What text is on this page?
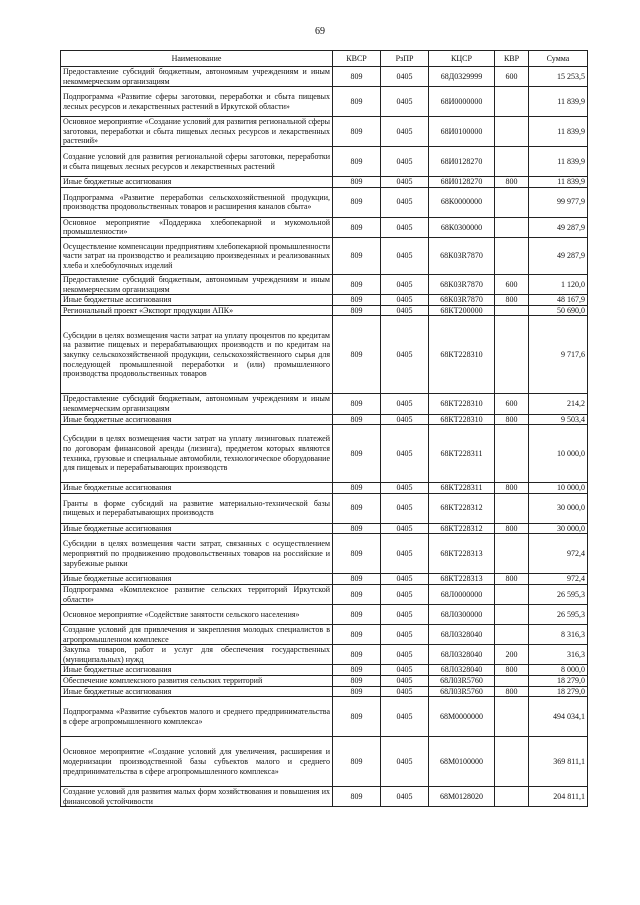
69
Наименование	КВСР	РзПР	КЦСР	КВР	Сумма
Предоставление субсидий бюджетным, автономным учреждениям и иным некоммерческим организациям	809	0405	68Д0329999	600	15 253,5
Подпрограмма «Развитие сферы заготовки, переработки и сбыта пищевых лесных ресурсов и лекарственных растений в Иркутской области»	809	0405	68И0000000		11 839,9
Основное мероприятие «Создание условий для развития региональной сферы заготовки, переработки и сбыта пищевых лесных ресурсов и лекарственных растений»	809	0405	68И0100000		11 839,9
Создание условий для развития региональной сферы заготовки, переработки и сбыта пищевых лесных ресурсов и лекарственных растений	809	0405	68И0128270		11 839,9
Иные бюджетные ассигнования	809	0405	68И0128270	800	11 839,9
Подпрограмма «Развитие переработки сельскохозяйственной продукции, производства продовольственных товаров и расширения каналов сбыта»	809	0405	68К0000000		99 977,9
Основное мероприятие «Поддержка хлебопекарной и мукомольной промышленности»	809	0405	68К0300000		49 287,9
Осуществление компенсации предприятиям хлебопекарной промышленности части затрат на производство и реализацию произведенных и реализованных хлеба и хлебобулочных изделий	809	0405	68К03R7870		49 287,9
Предоставление субсидий бюджетным, автономным учреждениям и иным некоммерческим организациям	809	0405	68К03R7870	600	1 120,0
Иные бюджетные ассигнования	809	0405	68К03R7870	800	48 167,9
Региональный проект «Экспорт продукции АПК»	809	0405	68КТ200000		50 690,0
Субсидии в целях возмещения части затрат на уплату процентов по кредитам на развитие пищевых и перерабатывающих производств и по кредитам на закупку сельскохозяйственной продукции, сельскохозяйственного сырья для последующей промышленной переработки и (или) промышленного производства продовольственных товаров	809	0405	68КТ228310		9 717,6
Предоставление субсидий бюджетным, автономным учреждениям и иным некоммерческим организациям	809	0405	68КТ228310	600	214,2
Иные бюджетные ассигнования	809	0405	68КТ228310	800	9 503,4
Субсидии в целях возмещения части затрат на уплату лизинговых платежей по договорам финансовой аренды (лизинга), предметом которых являются техника, грузовые и специальные автомобили, технологическое оборудование для пищевых и перерабатывающих производств	809	0405	68КТ228311		10 000,0
Иные бюджетные ассигнования	809	0405	68КТ228311	800	10 000,0
Гранты в форме субсидий на развитие материально-технической базы пищевых и перерабатывающих производств	809	0405	68КТ228312		30 000,0
Иные бюджетные ассигнования	809	0405	68КТ228312	800	30 000,0
Субсидии в целях возмещения части затрат, связанных с осуществлением мероприятий по продвижению продовольственных товаров на российские и зарубежные рынки	809	0405	68КТ228313		972,4
Иные бюджетные ассигнования	809	0405	68КТ228313	800	972,4
Подпрограмма «Комплексное развитие сельских территорий Иркутской области»	809	0405	68Л0000000		26 595,3
Основное мероприятие «Содействие занятости сельского населения»	809	0405	68Л0300000		26 595,3
Создание условий для привлечения и закрепления молодых специалистов в агропромышленном комплексе	809	0405	68Л0328040		8 316,3
Закупка товаров, работ и услуг для обеспечения государственных (муниципальных) нужд	809	0405	68Л0328040	200	316,3
Иные бюджетные ассигнования	809	0405	68Л0328040	800	8 000,0
Обеспечение комплексного развития сельских территорий	809	0405	68Л03R5760		18 279,0
Иные бюджетные ассигнования	809	0405	68Л03R5760	800	18 279,0
Подпрограмма «Развитие субъектов малого и среднего предпринимательства в сфере агропромышленного комплекса»	809	0405	68М0000000		494 034,1
Основное мероприятие «Создание условий для увеличения, расширения и модернизации производственной базы субъектов малого и среднего предпринимательства в сфере агропромышленного комплекса»	809	0405	68М0100000		369 811,1
Создание условий для развития малых форм хозяйствования и повышения их финансовой устойчивости	809	0405	68М0128020		204 811,1
